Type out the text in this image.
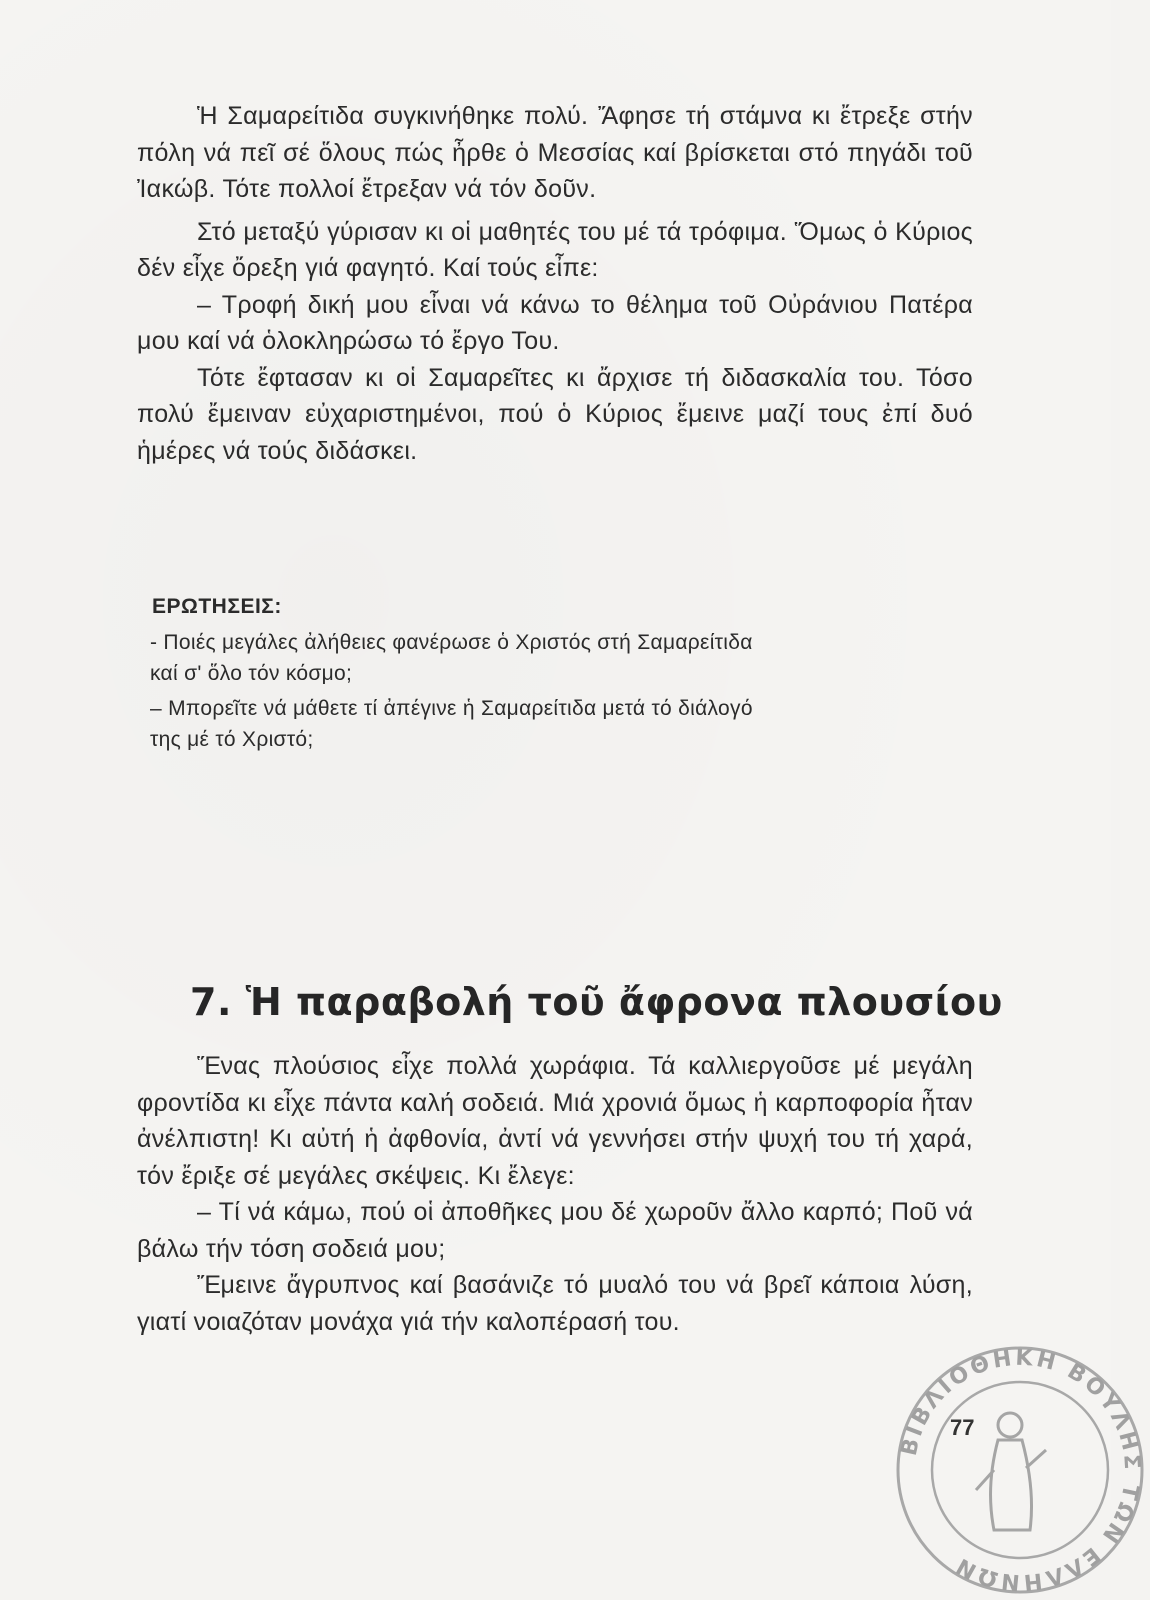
Ἡ Σαμαρείτιδα συγκινήθηκε πολύ. Ἄφησε τή στάμνα κι ἔτρεξε στήν πόλη νά πεῖ σέ ὅλους πώς ἦρθε ὁ Μεσσίας καί βρίσκεται στό πηγάδι τοῦ Ἰακώβ. Τότε πολλοί ἔτρεξαν νά τόν δοῦν.

Στό μεταξύ γύρισαν κι οἱ μαθητές του μέ τά τρόφιμα. Ὅμως ὁ Κύριος δέν εἶχε ὄρεξη γιά φαγητό. Καί τούς εἶπε:

– Τροφή δική μου εἶναι νά κάνω το θέλημα τοῦ Οὐράνιου Πατέρα μου καί νά ὁλοκληρώσω τό ἔργο Του.

Τότε ἔφτασαν κι οἱ Σαμαρεῖτες κι ἄρχισε τή διδασκαλία του. Τόσο πολύ ἔμειναν εὐχαριστημένοι, πού ὁ Κύριος ἔμεινε μαζί τους ἐπί δυό ἡμέρες νά τούς διδάσκει.

ΕΡΩΤΗΣΕΙΣ:
- Ποιές μεγάλες ἀλήθειες φανέρωσε ὁ Χριστός στή Σαμαρείτιδα
καί σ' ὅλο τόν κόσμο;
– Μπορεῖτε νά μάθετε τί ἀπέγινε ἡ Σαμαρείτιδα μετά τό διάλογό
της μέ τό Χριστό;
7. Ἡ παραβολή τοῦ ἄφρονα πλουσίου

Ἕνας πλούσιος εἶχε πολλά χωράφια. Τά καλλιεργοῦσε μέ μεγάλη φροντίδα κι εἶχε πάντα καλή σοδειά. Μιά χρονιά ὅμως ἡ καρποφορία ἦταν ἀνέλπιστη! Κι αὐτή ἡ ἀφθονία, ἀντί νά γεννήσει στήν ψυχή του τή χαρά, τόν ἔριξε σέ μεγάλες σκέψεις. Κι ἔλεγε:

– Τί νά κάμω, πού οἱ ἀποθῆκες μου δέ χωροῦν ἄλλο καρπό; Ποῦ νά βάλω τήν τόση σοδειά μου;

Ἔμεινε ἄγρυπνος καί βασάνιζε τό μυαλό του νά βρεῖ κάποια λύση, γιατί νοιαζόταν μονάχα γιά τήν καλοπέρασή του.

ΒΙΒΛΙΟΘΗΚΗ ΒΟΥΛΗΣ ΤΩΝ ΕΛΛΗΝΩΝ
77
